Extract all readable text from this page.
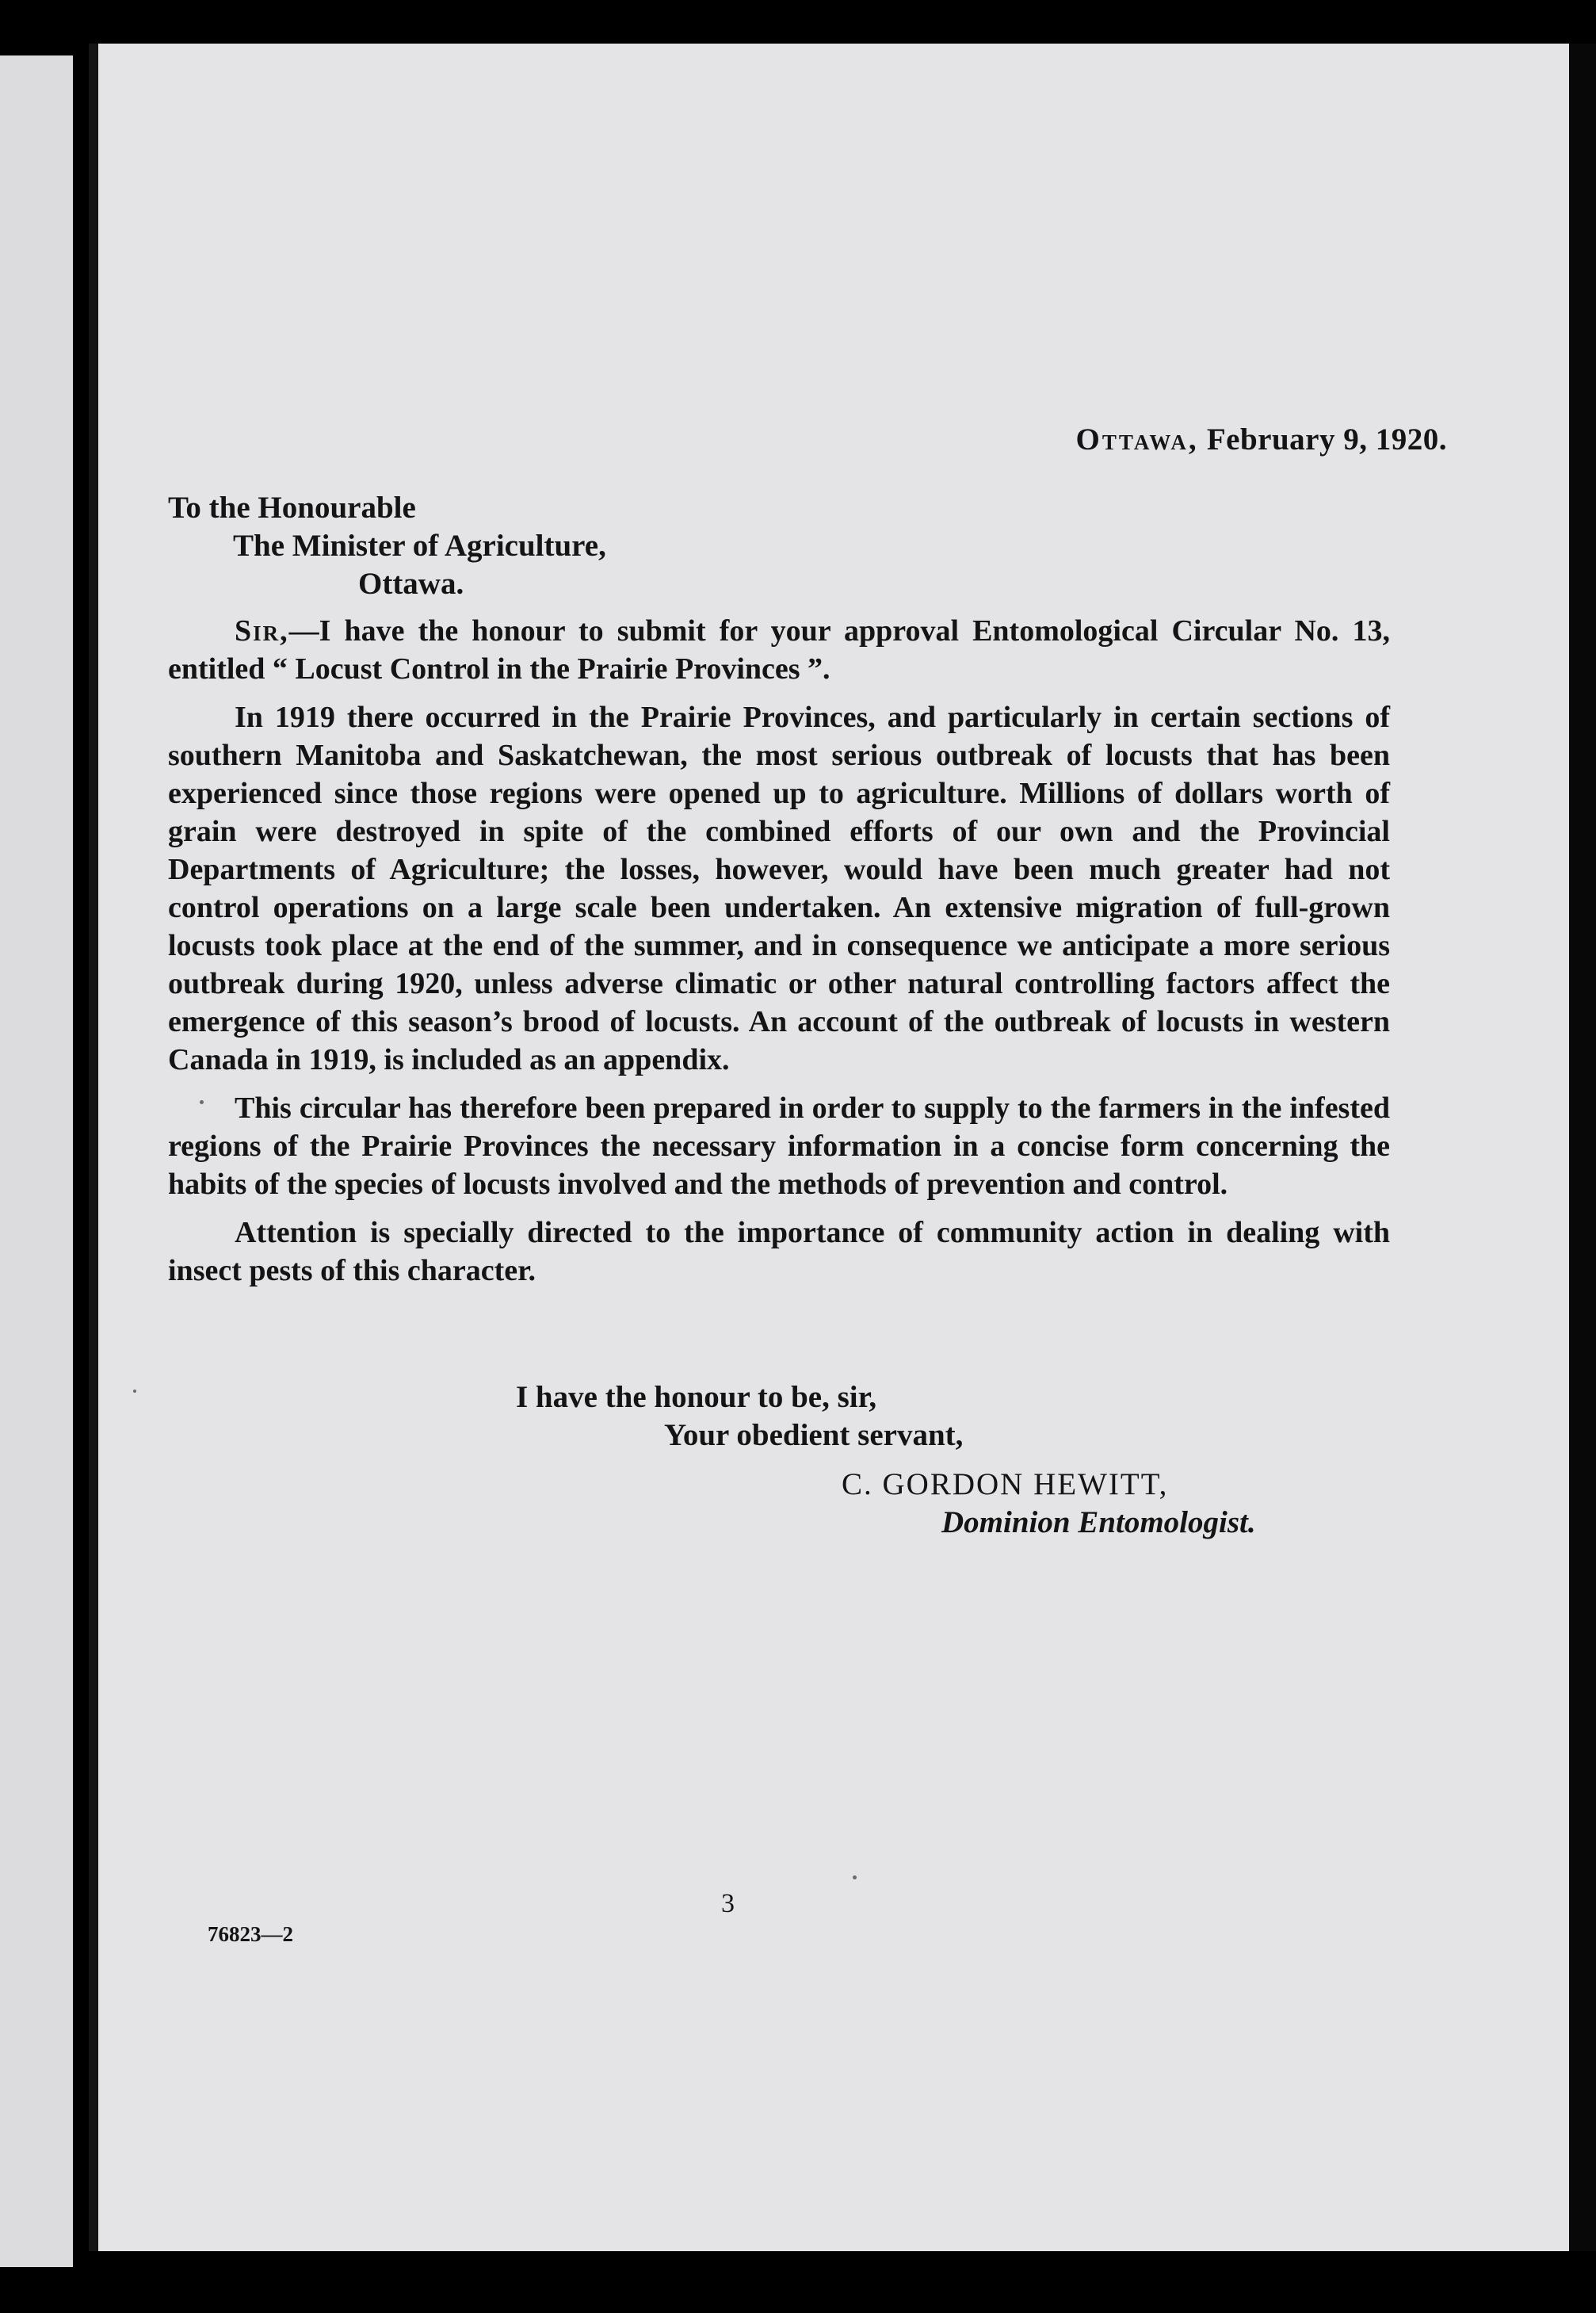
Ottawa, February 9, 1920.
To the Honourable
The Minister of Agriculture,
Ottawa.

Sir,—I have the honour to submit for your approval Entomological Circular No. 13, entitled “ Locust Control in the Prairie Provinces ”.

In 1919 there occurred in the Prairie Provinces, and particularly in certain sections of southern Manitoba and Saskatchewan, the most serious outbreak of locusts that has been experienced since those regions were opened up to agriculture. Millions of dollars worth of grain were destroyed in spite of the combined efforts of our own and the Provincial Departments of Agriculture; the losses, however, would have been much greater had not control operations on a large scale been undertaken. An extensive migration of full-grown locusts took place at the end of the summer, and in consequence we anticipate a more serious outbreak during 1920, unless adverse climatic or other natural controlling factors affect the emergence of this season’s brood of locusts. An account of the outbreak of locusts in western Canada in 1919, is included as an appendix.

This circular has therefore been prepared in order to supply to the farmers in the infested regions of the Prairie Provinces the necessary information in a concise form concerning the habits of the species of locusts involved and the methods of prevention and control.

Attention is specially directed to the importance of community action in dealing with insect pests of this character.

I have the honour to be, sir,
Your obedient servant,
C. GORDON HEWITT,
Dominion Entomologist.
3
76823—2
